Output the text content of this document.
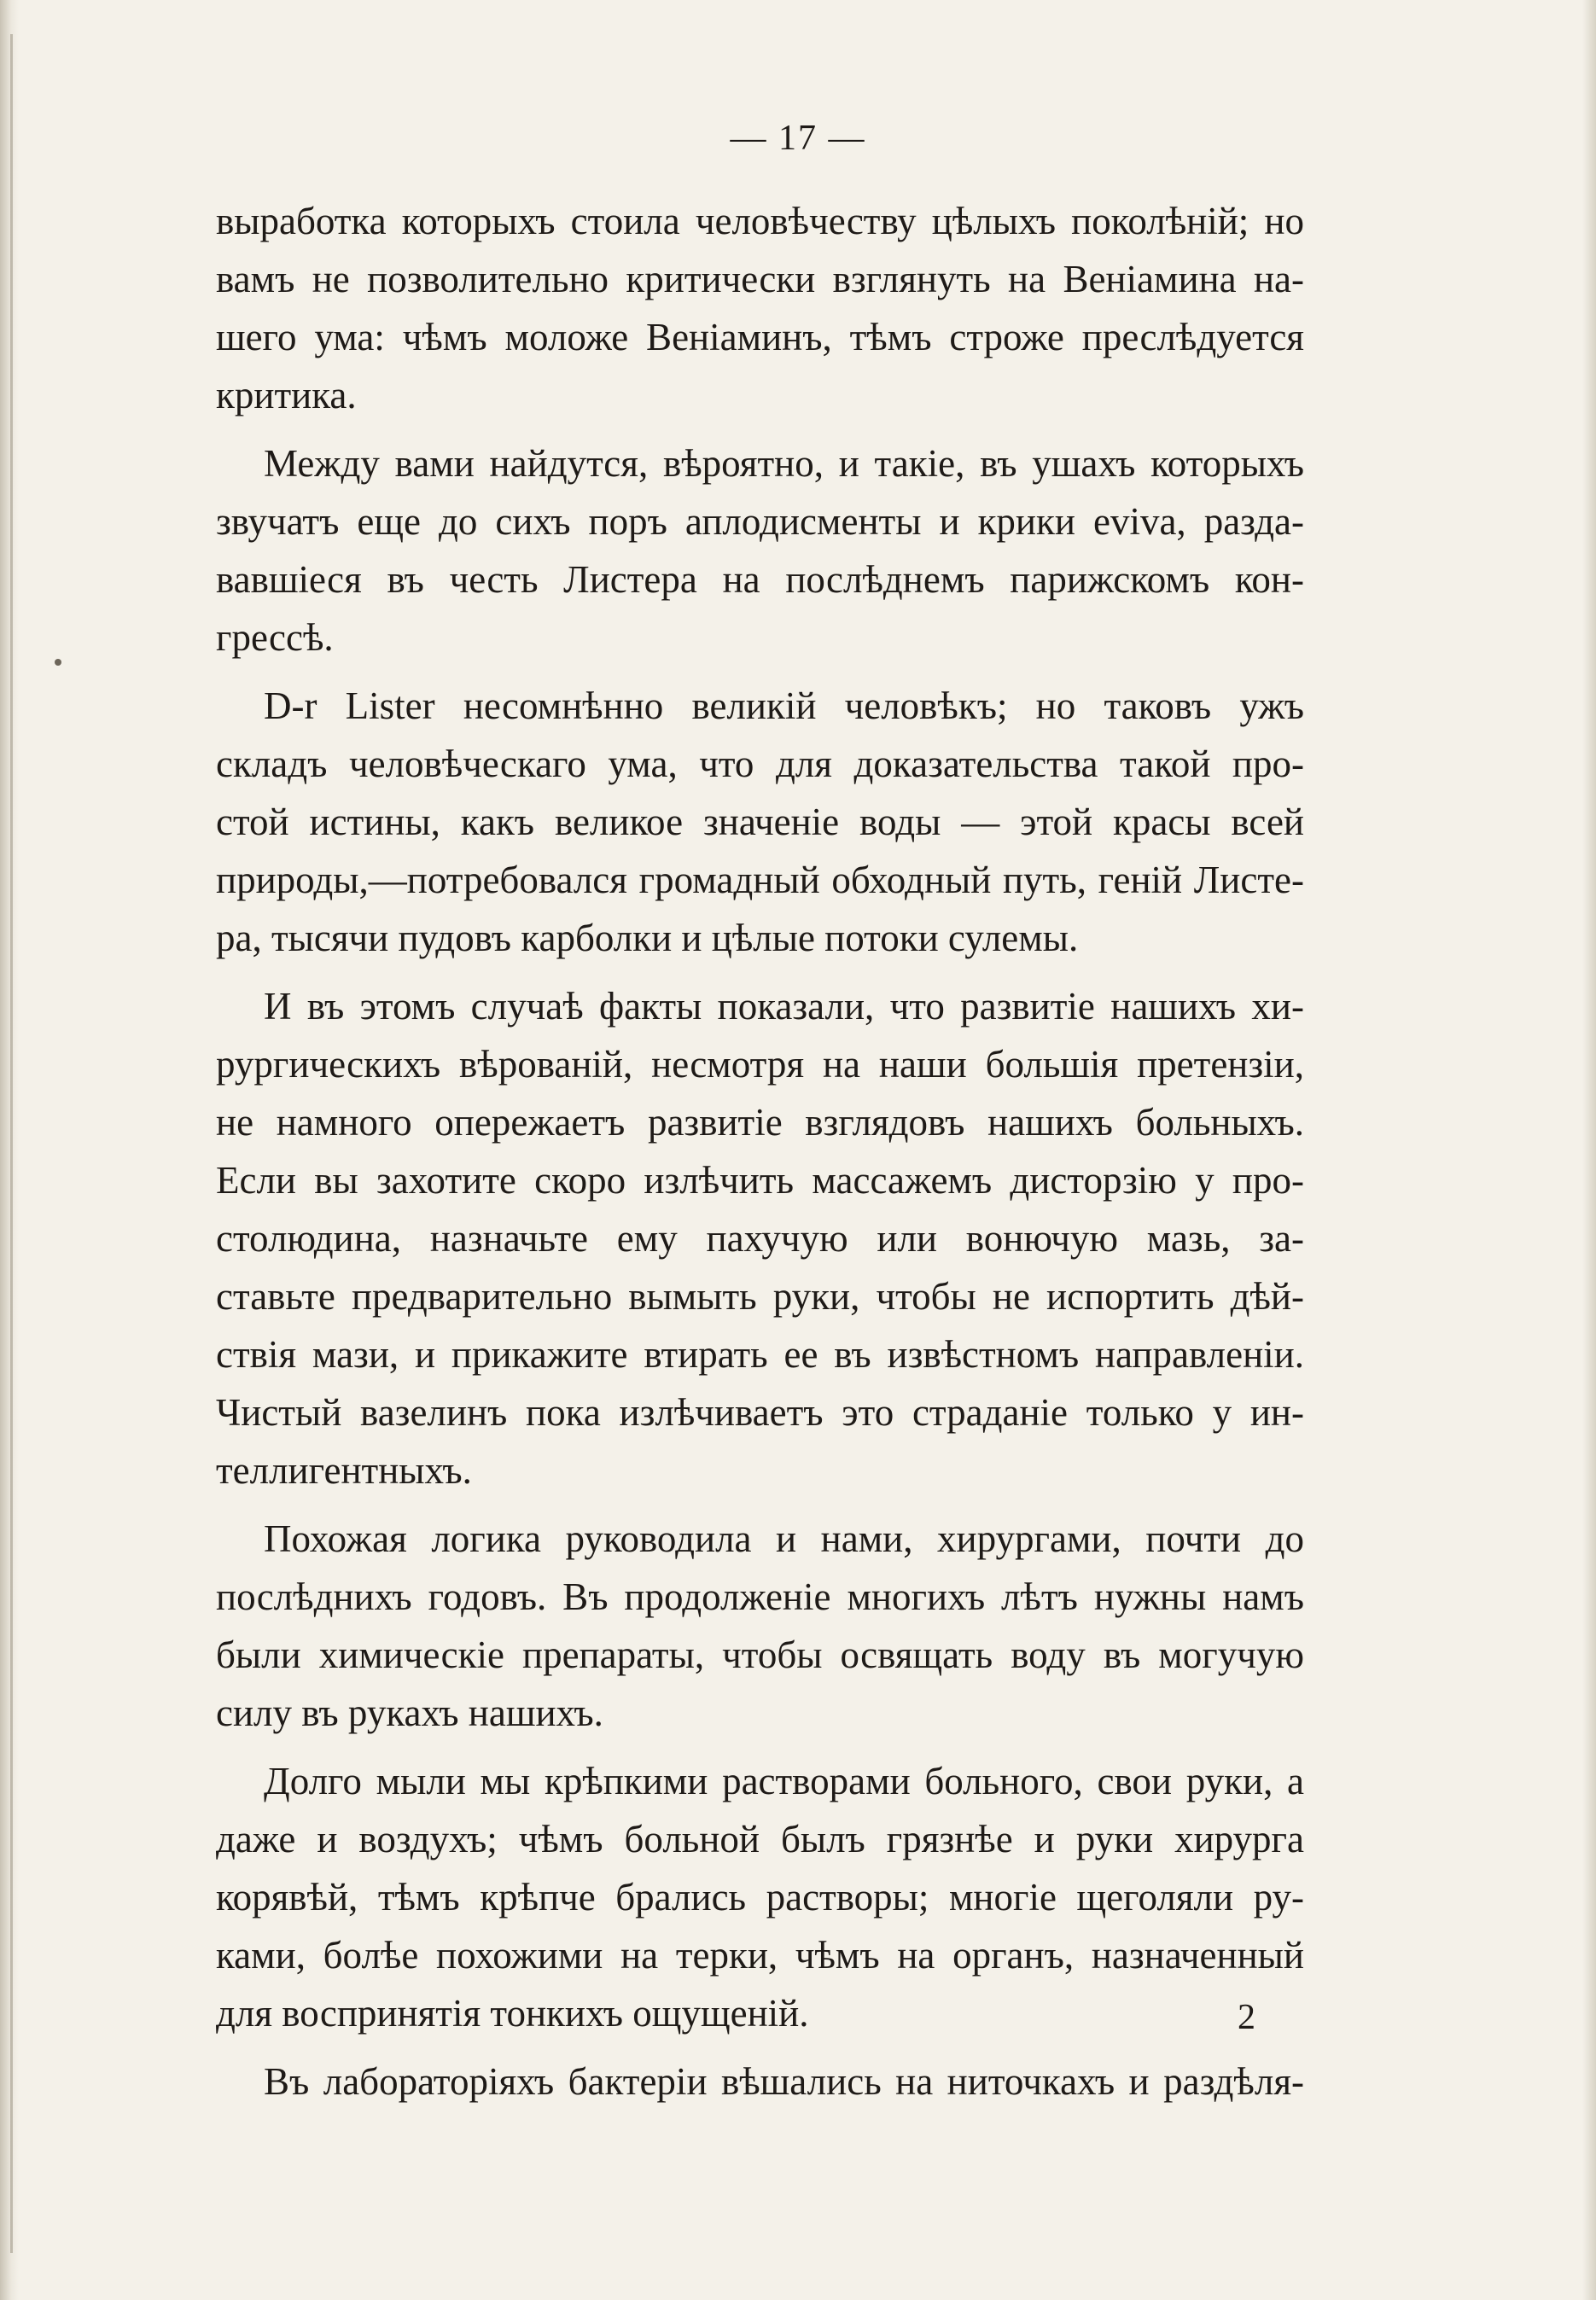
— 17 —
выработка которыхъ стоила человѣчеству цѣлыхъ поколѣній; но
вамъ не позволительно критически взглянуть на Веніамина на-
шего ума: чѣмъ моложе Веніаминъ, тѣмъ строже преслѣдуется
критика.
Между вами найдутся, вѣроятно, и такіе, въ ушахъ которыхъ
звучатъ еще до сихъ поръ аплодисменты и крики evіva, разда-
вавшіеся въ честь Листера на послѣднемъ парижскомъ кон-
грессѣ.
D-r Lister несомнѣнно великій человѣкъ; но таковъ ужъ
складъ человѣческаго ума, что для доказательства такой про-
стой истины, какъ великое значеніе воды — этой красы всей
природы,—потребовался громадный обходный путь, геній Листе-
ра, тысячи пудовъ карболки и цѣлые потоки сулемы.
И въ этомъ случаѣ факты показали, что развитіе нашихъ хи-
рургическихъ вѣрованій, несмотря на наши большія претензіи,
не намного опережаетъ развитіе взглядовъ нашихъ больныхъ.
Если вы захотите скоро излѣчить массажемъ дисторзію у про-
столюдина, назначьте ему пахучую или вонючую мазь, за-
ставьте предварительно вымыть руки, чтобы не испортить дѣй-
ствія мази, и прикажите втирать ее въ извѣстномъ направленіи.
Чистый вазелинъ пока излѣчиваетъ это страданіе только у ин-
теллигентныхъ.
Похожая логика руководила и нами, хирургами, почти до
послѣднихъ годовъ. Въ продолженіе многихъ лѣтъ нужны намъ
были химическіе препараты, чтобы освящать воду въ могучую
силу въ рукахъ нашихъ.
Долго мыли мы крѣпкими растворами больного, свои руки, а
даже и воздухъ; чѣмъ больной былъ грязнѣе и руки хирурга
корявѣй, тѣмъ крѣпче брались растворы; многіе щеголяли ру-
ками, болѣе похожими на терки, чѣмъ на органъ, назначенный
для воспринятія тонкихъ ощущеній.
Въ лабораторіяхъ бактеріи вѣшались на ниточкахъ и раздѣля-
2
